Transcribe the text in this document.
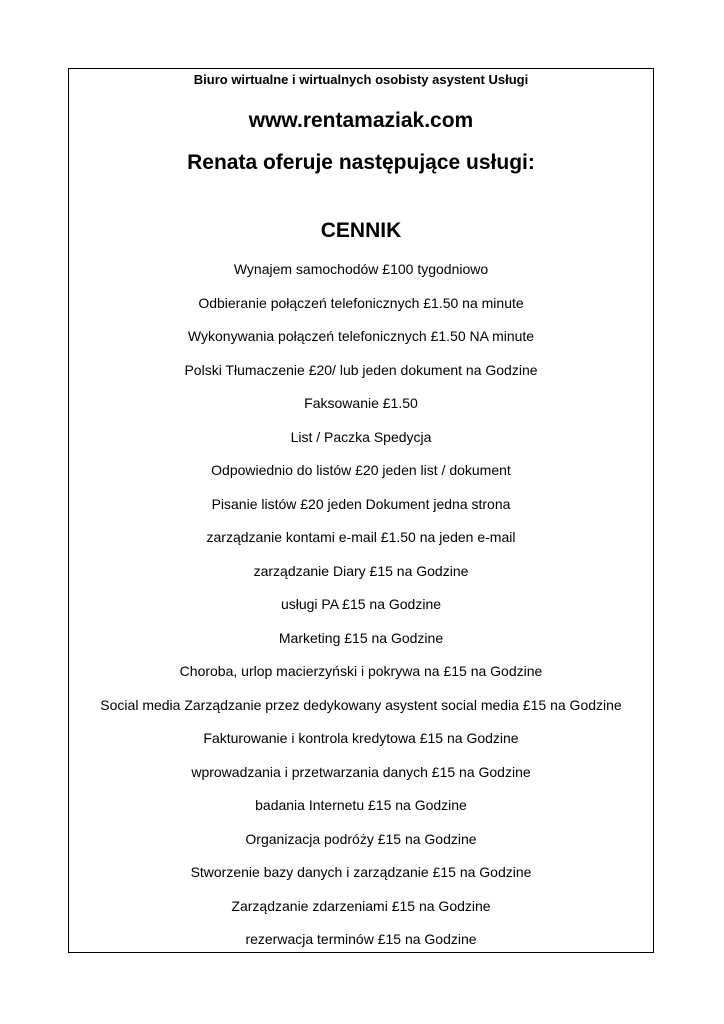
Biuro wirtualne i wirtualnych osobisty asystent Usługi
www.rentamaziak.com
Renata oferuje następujące usługi:
CENNIK
Wynajem samochodów £100 tygodniowo
Odbieranie połączeń telefonicznych £1.50 na minute
Wykonywania połączeń telefonicznych £1.50 NA minute
Polski Tłumaczenie £20/ lub jeden dokument na Godzine
Faksowanie £1.50
List / Paczka Spedycja
Odpowiednio do listów £20 jeden list / dokument
Pisanie listów £20 jeden Dokument jedna strona
zarządzanie kontami e-mail £1.50 na jeden e-mail
zarządzanie Diary £15 na Godzine
usługi PA £15 na Godzine
Marketing £15 na Godzine
Choroba, urlop macierzyński i pokrywa na £15 na Godzine
Social media Zarządzanie przez dedykowany asystent social media £15 na Godzine
Fakturowanie i kontrola kredytowa £15 na Godzine
wprowadzania i przetwarzania danych £15 na Godzine
badania Internetu £15 na Godzine
Organizacja podróży £15 na Godzine
Stworzenie bazy danych i zarządzanie £15 na Godzine
Zarządzanie zdarzeniami £15 na Godzine
rezerwacja terminów £15 na Godzine
